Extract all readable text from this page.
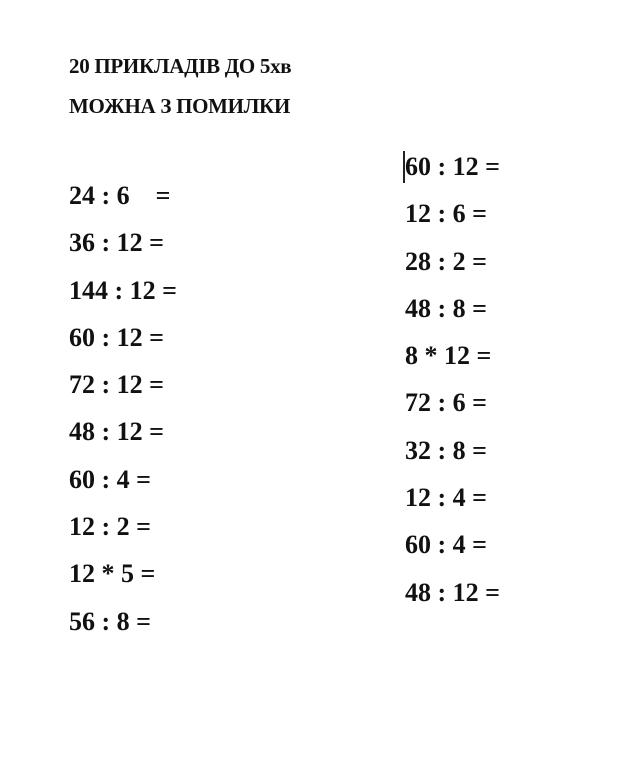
20 ПРИКЛАДІВ ДО 5хв
МОЖНА З ПОМИЛКИ
24 : 6    =
36 : 12 =
144 : 12 =
60 : 12 =
72 : 12 =
48 : 12 =
60 : 4 =
12 : 2 =
12 * 5 =
56 : 8 =
60 : 12 =
12 : 6 =
28 : 2 =
48 : 8 =
8 * 12 =
72 : 6 =
32 : 8 =
12 : 4 =
60 : 4 =
48 : 12 =
